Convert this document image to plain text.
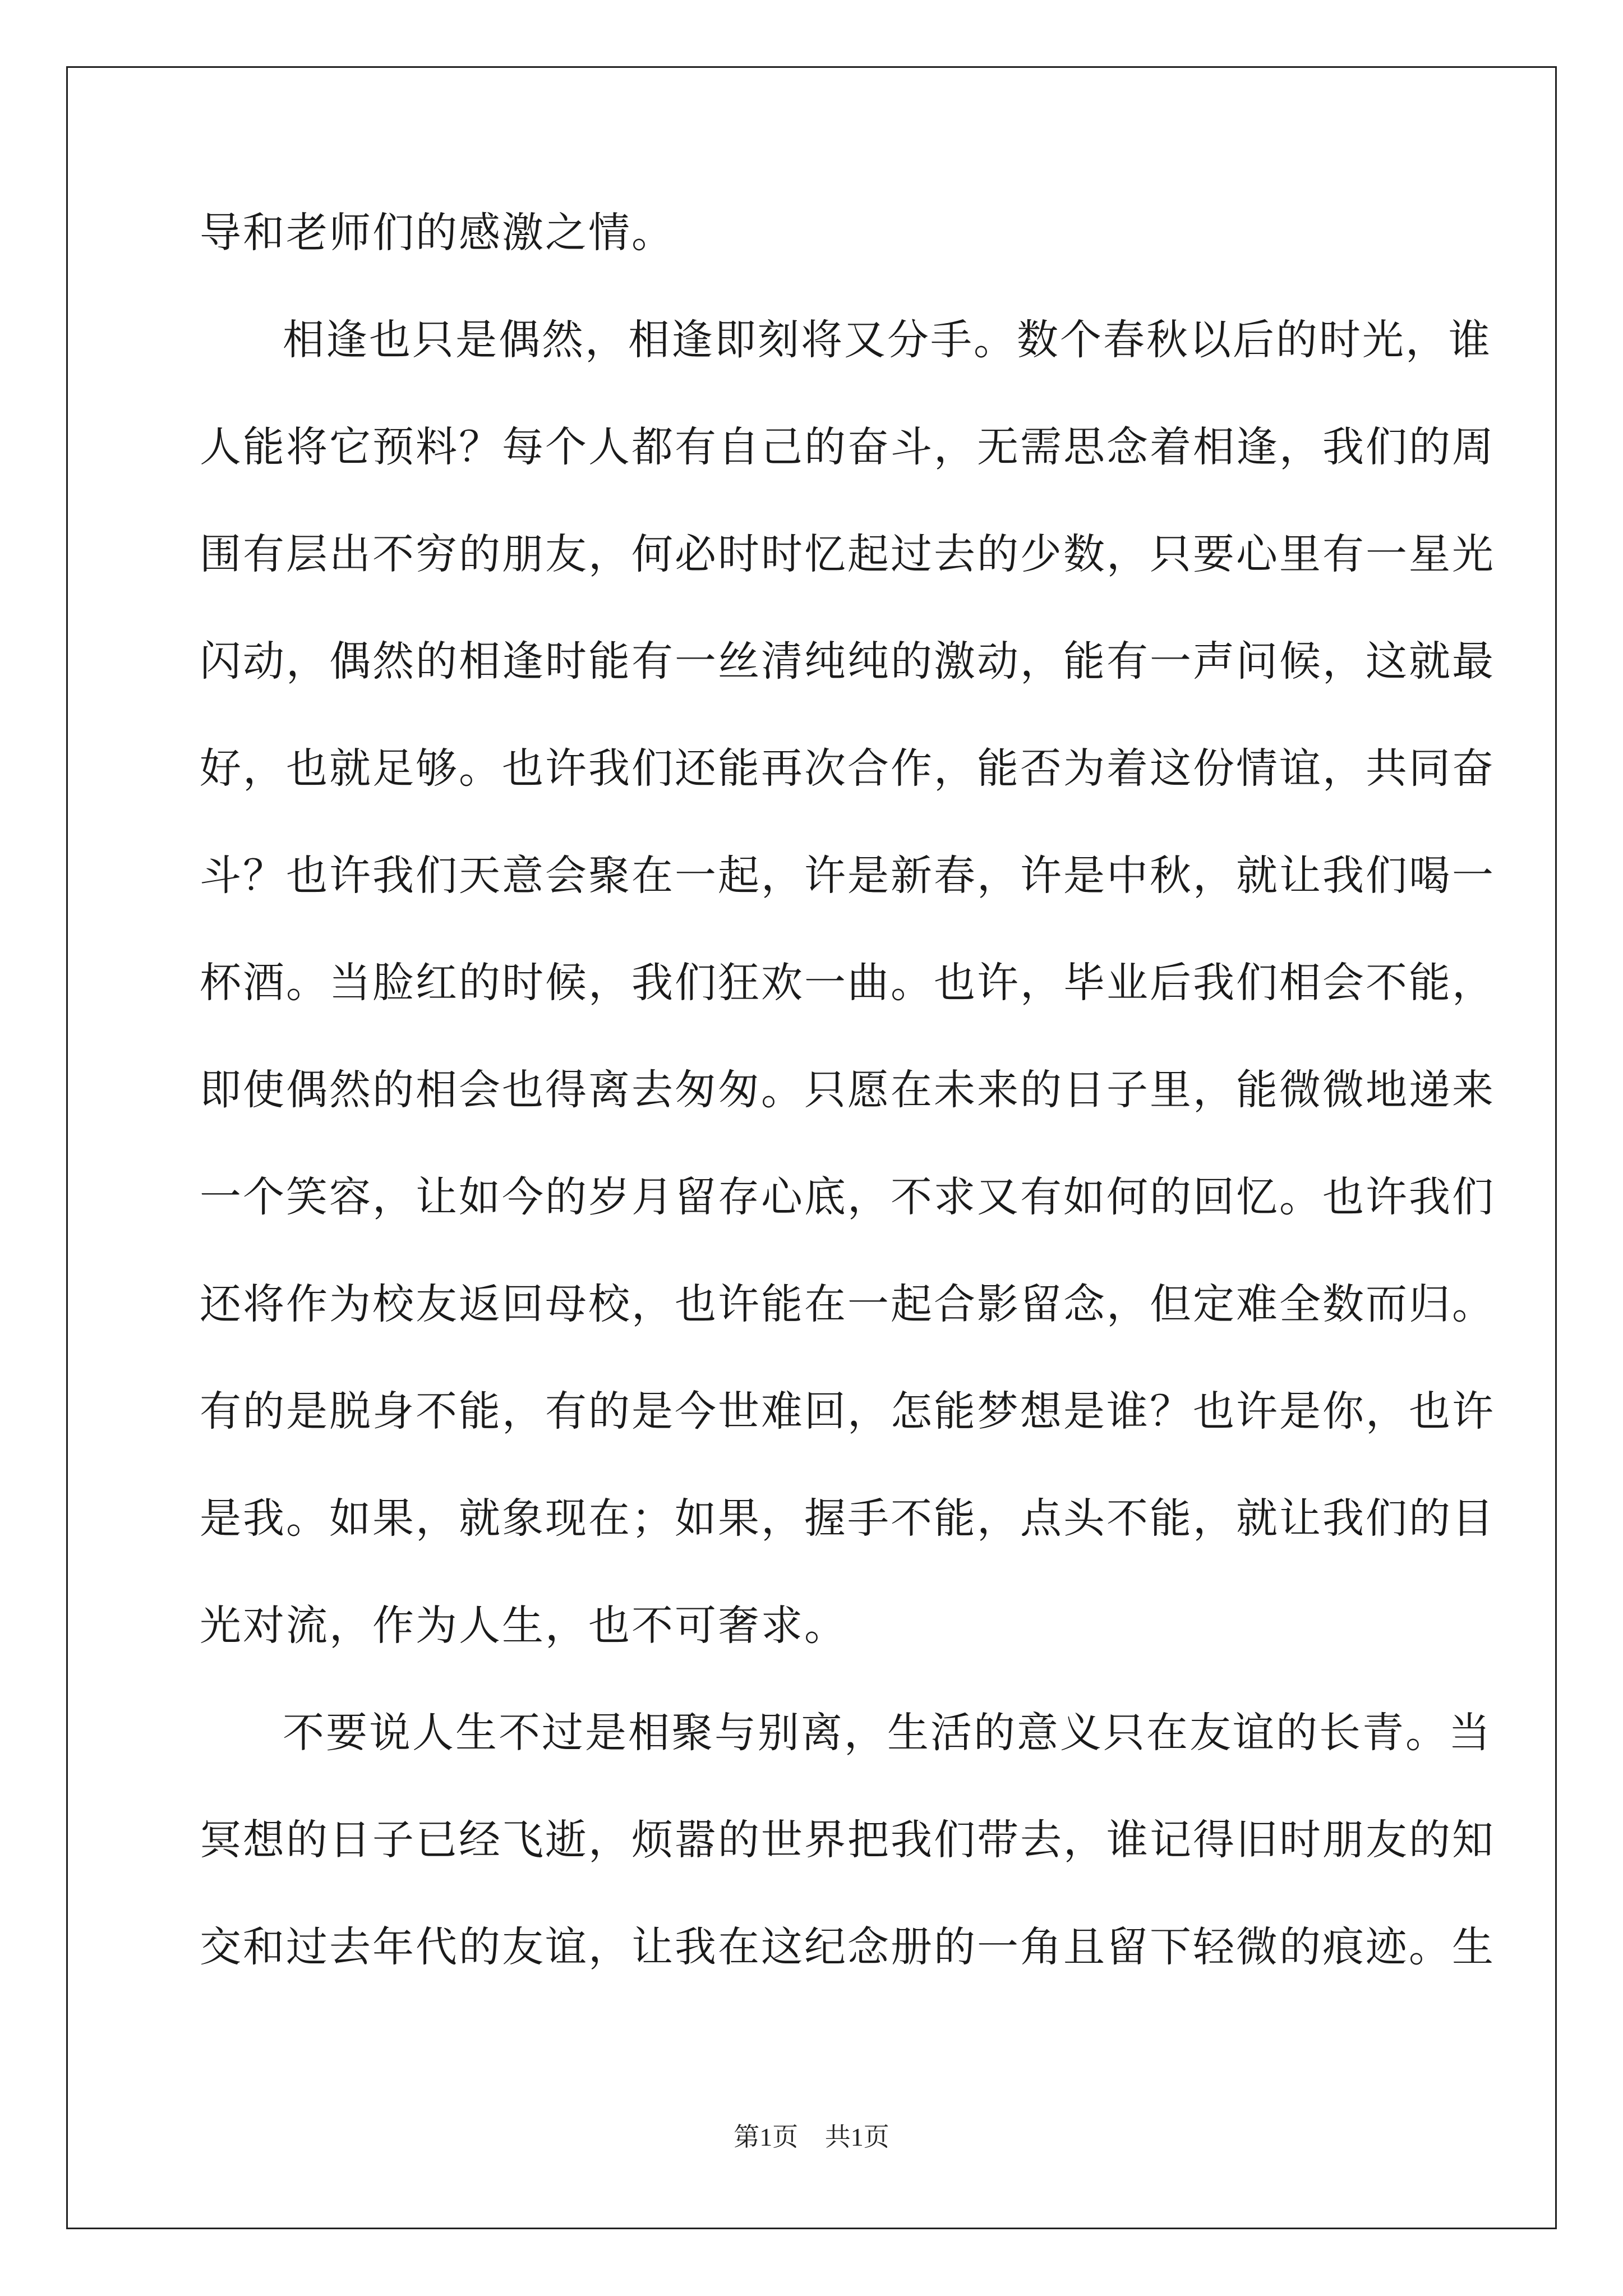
导和老师们的感激之情。
相逢也只是偶然，相逢即刻将又分手。数个春秋以后的时光，谁
人能将它预料？每个人都有自己的奋斗，无需思念着相逢，我们的周
围有层出不穷的朋友，何必时时忆起过去的少数，只要心里有一星光
闪动，偶然的相逢时能有一丝清纯纯的激动，能有一声问候，这就最
好，也就足够。也许我们还能再次合作，能否为着这份情谊，共同奋
斗？也许我们天意会聚在一起，许是新春，许是中秋，就让我们喝一
杯酒。当脸红的时候，我们狂欢一曲。也许，毕业后我们相会不能，
即使偶然的相会也得离去匆匆。只愿在未来的日子里，能微微地递来
一个笑容，让如今的岁月留存心底，不求又有如何的回忆。也许我们
还将作为校友返回母校，也许能在一起合影留念，但定难全数而归。
有的是脱身不能，有的是今世难回，怎能梦想是谁？也许是你，也许
是我。如果，就象现在；如果，握手不能，点头不能，就让我们的目
光对流，作为人生，也不可奢求。
不要说人生不过是相聚与别离，生活的意义只在友谊的长青。当
冥想的日子已经飞逝，烦嚣的世界把我们带去，谁记得旧时朋友的知
交和过去年代的友谊，让我在这纪念册的一角且留下轻微的痕迹。生
第1页 共1页
